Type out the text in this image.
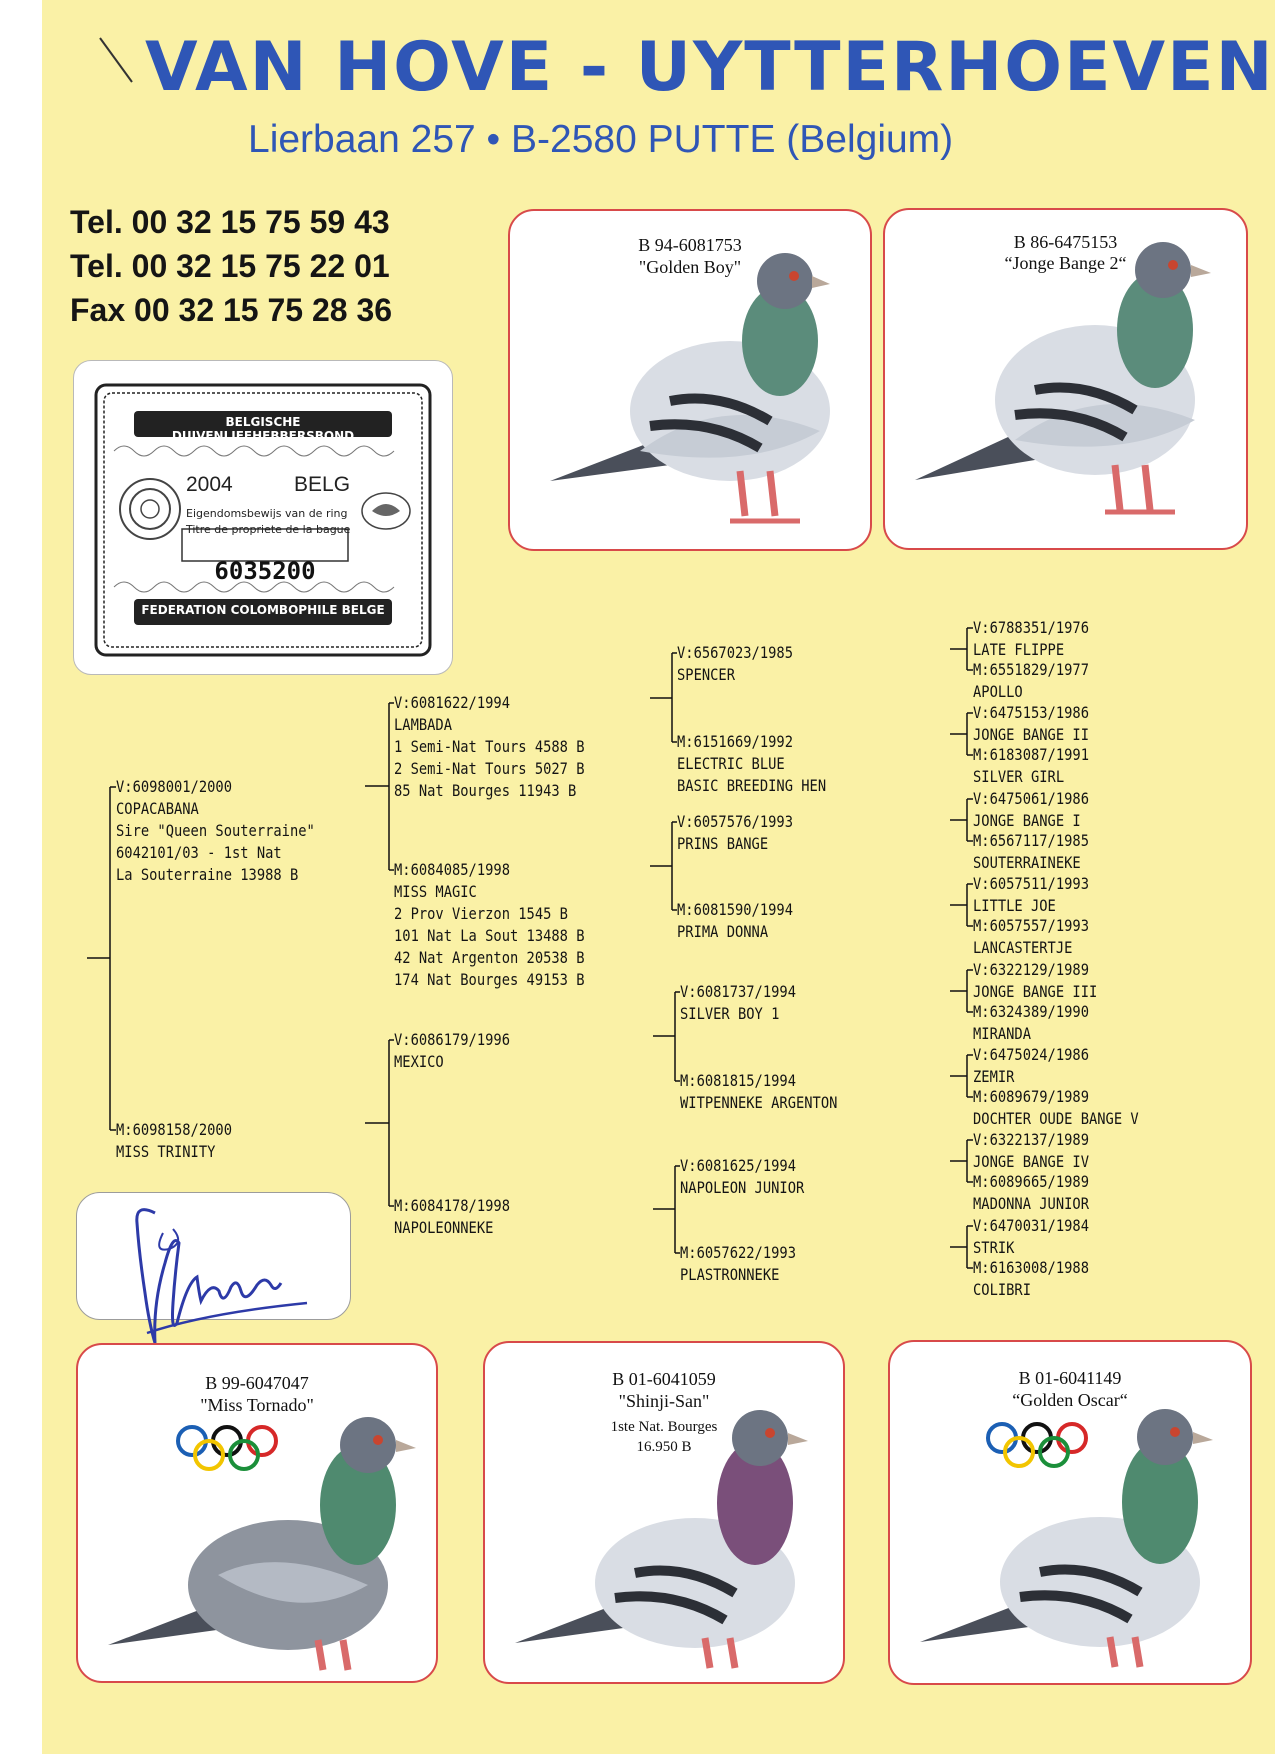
VAN HOVE - UYTTERHOEVEN
Lierbaan 257 • B-2580 PUTTE (Belgium)
Tel. 00 32 15 75 59 43
Tel. 00 32 15 75 22 01
Fax 00 32 15 75 28 36
BELGISCHE DUIVENLIEFHEBBERSBOND
2004	BELG
Eigendomsbewijs van de ring
Titre de propriete de la bague
6035200
FEDERATION COLOMBOPHILE BELGE
B 94-6081753
"Golden Boy"
B 86-6475153
“Jonge Bange 2“
B 99-6047047
"Miss Tornado"
B 01-6041059
"Shinji-San"
1ste Nat. Bourges
16.950 B
B 01-6041149
“Golden Oscar“
V:6098001/2000
COPACABANA
Sire "Queen Souterraine"
6042101/03 - 1st Nat
La Souterraine 13988 B
M:6098158/2000
MISS TRINITY
V:6081622/1994
LAMBADA
1 Semi-Nat Tours 4588 B
2 Semi-Nat Tours 5027 B
85 Nat Bourges 11943 B
M:6084085/1998
MISS MAGIC
2 Prov Vierzon 1545 B
101 Nat La Sout 13488 B
42 Nat Argenton 20538 B
174 Nat Bourges 49153 B
V:6086179/1996
MEXICO
M:6084178/1998
NAPOLEONNEKE
V:6567023/1985
SPENCER
M:6151669/1992
ELECTRIC BLUE
BASIC BREEDING HEN
V:6057576/1993
PRINS BANGE
M:6081590/1994
PRIMA DONNA
V:6081737/1994
SILVER BOY 1
M:6081815/1994
WITPENNEKE ARGENTON
V:6081625/1994
NAPOLEON JUNIOR
M:6057622/1993
PLASTRONNEKE
V:6788351/1976
LATE FLIPPE
M:6551829/1977
APOLLO
V:6475153/1986
JONGE BANGE II
M:6183087/1991
SILVER GIRL
V:6475061/1986
JONGE BANGE I
M:6567117/1985
SOUTERRAINEKE
V:6057511/1993
LITTLE JOE
M:6057557/1993
LANCASTERTJE
V:6322129/1989
JONGE BANGE III
M:6324389/1990
MIRANDA
V:6475024/1986
ZEMIR
M:6089679/1989
DOCHTER OUDE BANGE V
V:6322137/1989
JONGE BANGE IV
M:6089665/1989
MADONNA JUNIOR
V:6470031/1984
STRIK
M:6163008/1988
COLIBRI
